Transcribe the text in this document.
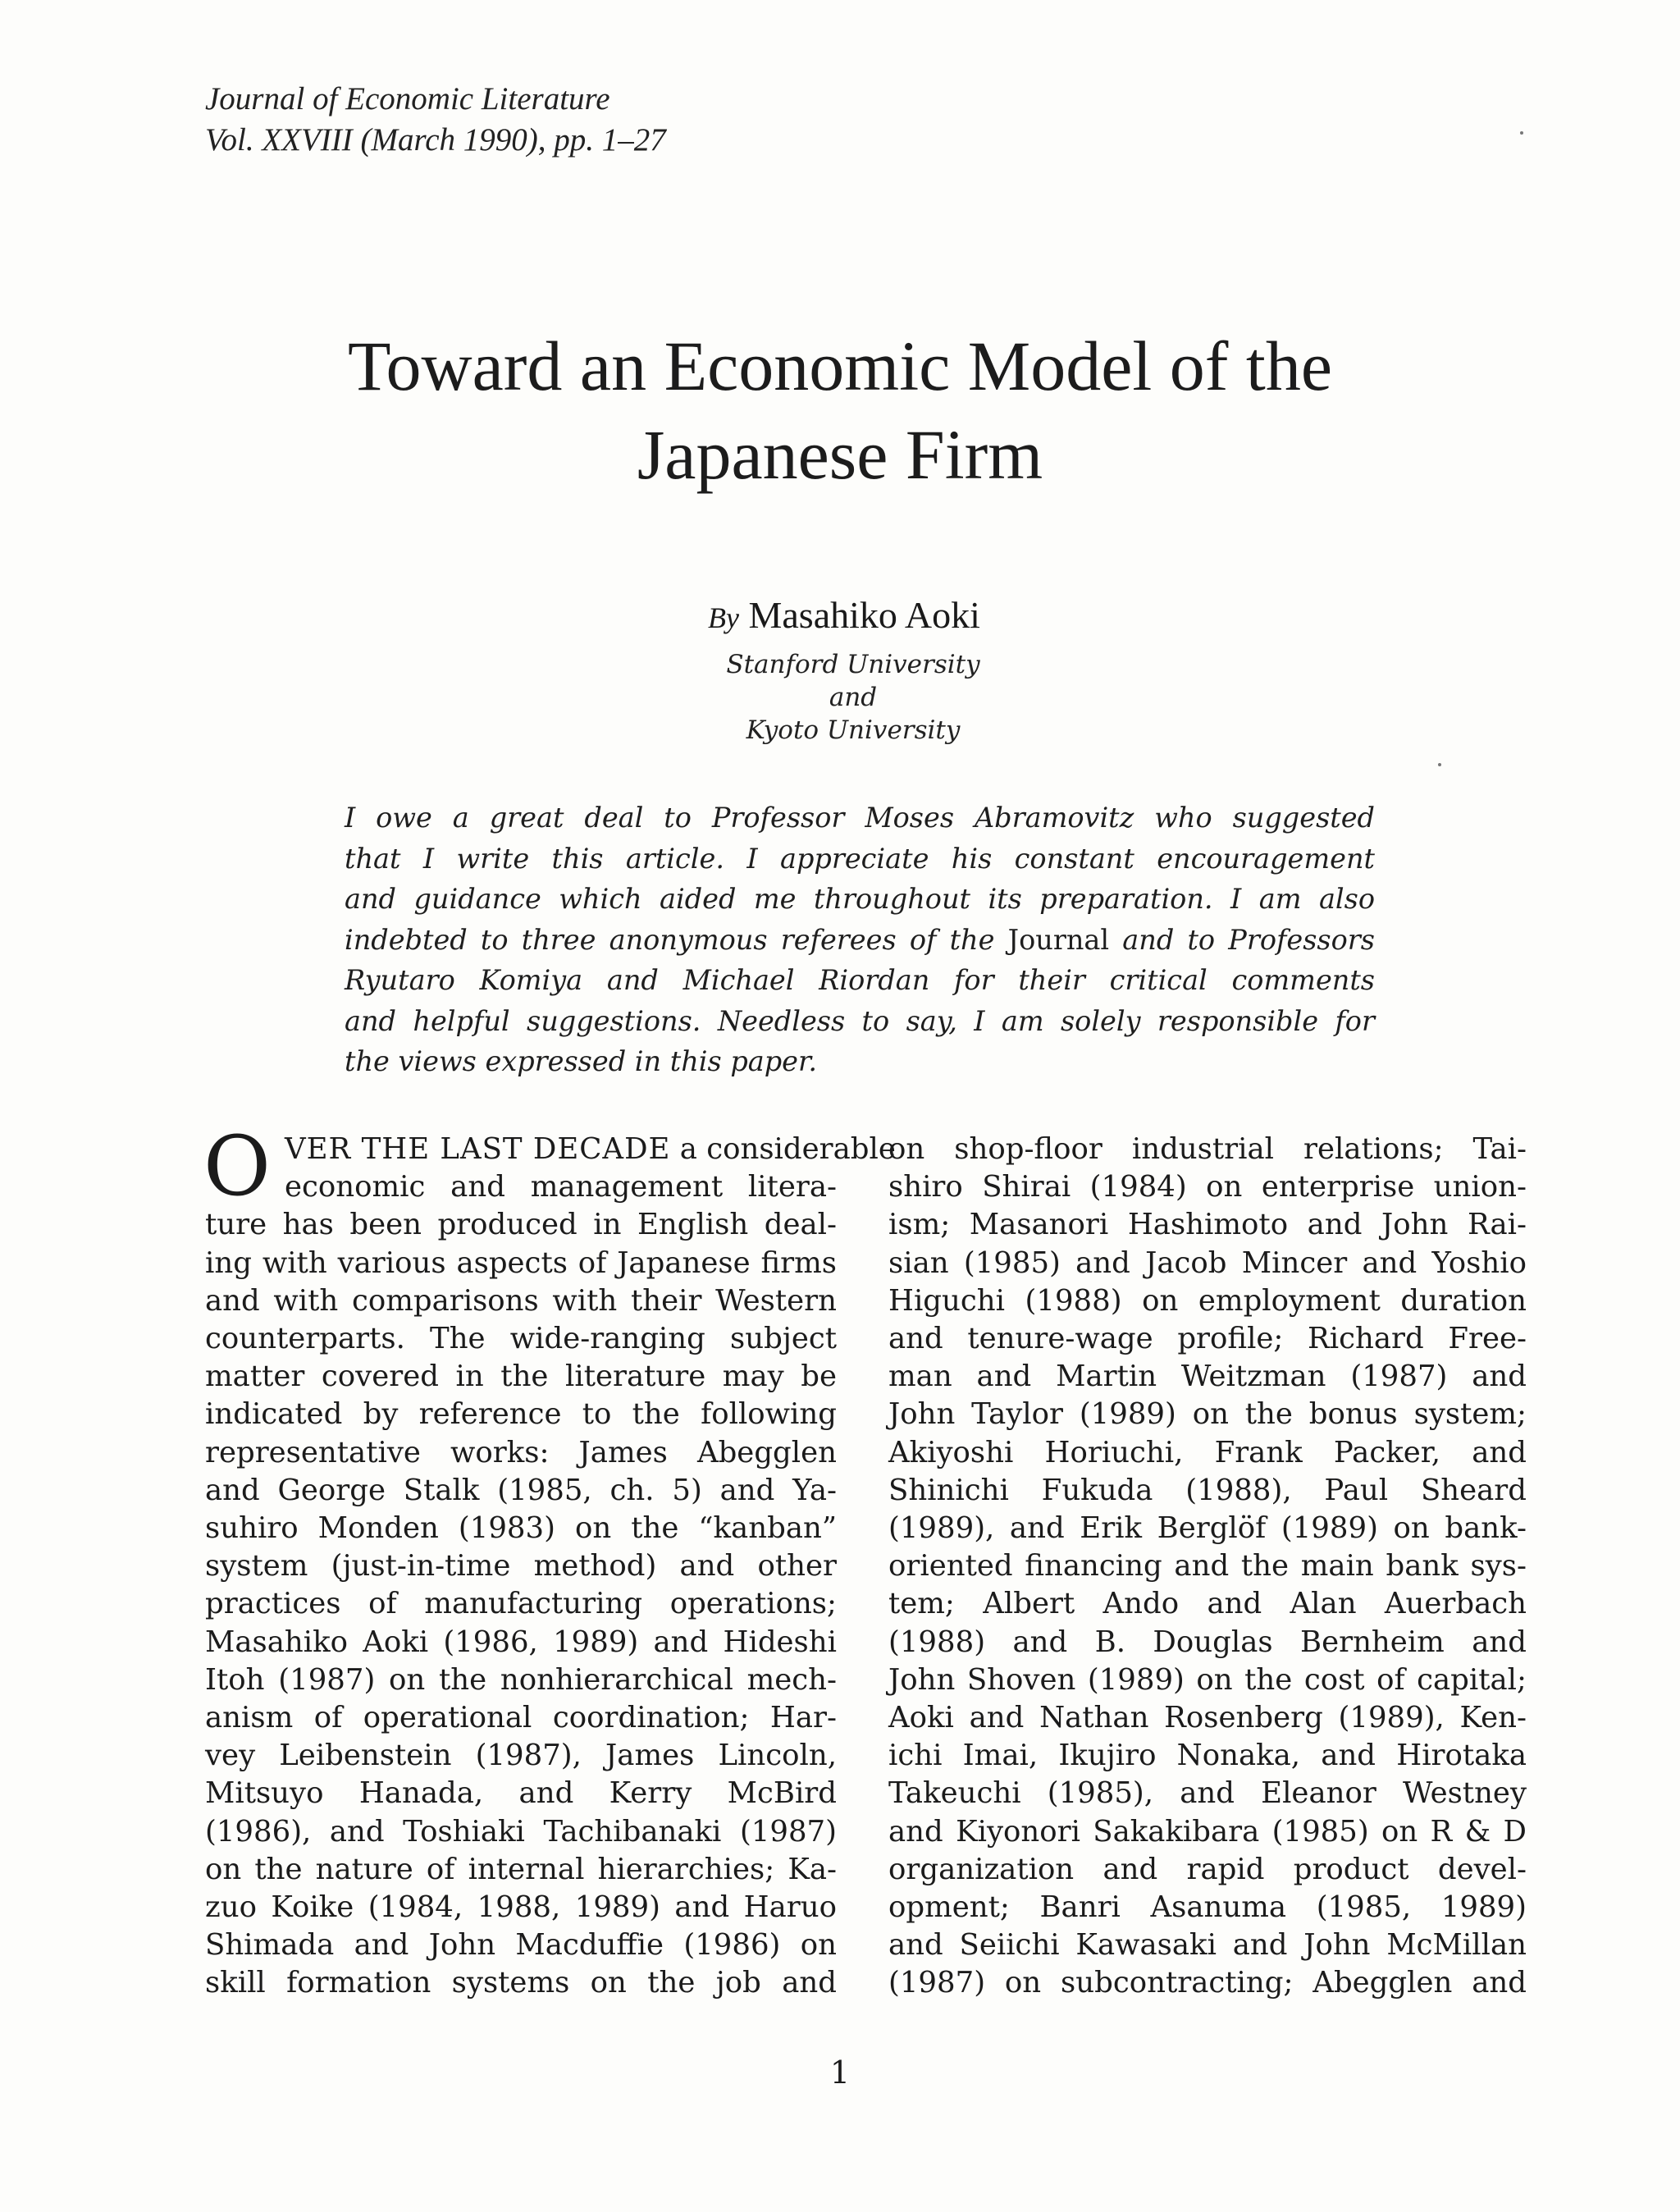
Journal of Economic Literature
Vol. XXVIII (March 1990), pp. 1–27
Toward an Economic Model of the
Japanese Firm
By Masahiko Aoki
Stanford University
and
Kyoto University
I owe a great deal to Professor Moses Abramovitz who suggested
that I write this article. I appreciate his constant encouragement
and guidance which aided me throughout its preparation. I am also
indebted to three anonymous referees of the Journal and to Professors
Ryutaro Komiya and Michael Riordan for their critical comments
and helpful suggestions. Needless to say, I am solely responsible for
the views expressed in this paper.
O VER THE LAST DECADE a considerable
economic and management litera-
ture has been produced in English deal-
ing with various aspects of Japanese firms
and with comparisons with their Western
counterparts. The wide-ranging subject
matter covered in the literature may be
indicated by reference to the following
representative works: James Abegglen
and George Stalk (1985, ch. 5) and Ya-
suhiro Monden (1983) on the “kanban”
system (just-in-time method) and other
practices of manufacturing operations;
Masahiko Aoki (1986, 1989) and Hideshi
Itoh (1987) on the nonhierarchical mech-
anism of operational coordination; Har-
vey Leibenstein (1987), James Lincoln,
Mitsuyo Hanada, and Kerry McBird
(1986), and Toshiaki Tachibanaki (1987)
on the nature of internal hierarchies; Ka-
zuo Koike (1984, 1988, 1989) and Haruo
Shimada and John Macduffie (1986) on
skill formation systems on the job and
on shop-floor industrial relations; Tai-
shiro Shirai (1984) on enterprise union-
ism; Masanori Hashimoto and John Rai-
sian (1985) and Jacob Mincer and Yoshio
Higuchi (1988) on employment duration
and tenure-wage profile; Richard Free-
man and Martin Weitzman (1987) and
John Taylor (1989) on the bonus system;
Akiyoshi Horiuchi, Frank Packer, and
Shinichi Fukuda (1988), Paul Sheard
(1989), and Erik Berglöf (1989) on bank-
oriented financing and the main bank sys-
tem; Albert Ando and Alan Auerbach
(1988) and B. Douglas Bernheim and
John Shoven (1989) on the cost of capital;
Aoki and Nathan Rosenberg (1989), Ken-
ichi Imai, Ikujiro Nonaka, and Hirotaka
Takeuchi (1985), and Eleanor Westney
and Kiyonori Sakakibara (1985) on R & D
organization and rapid product devel-
opment; Banri Asanuma (1985, 1989)
and Seiichi Kawasaki and John McMillan
(1987) on subcontracting; Abegglen and
1
